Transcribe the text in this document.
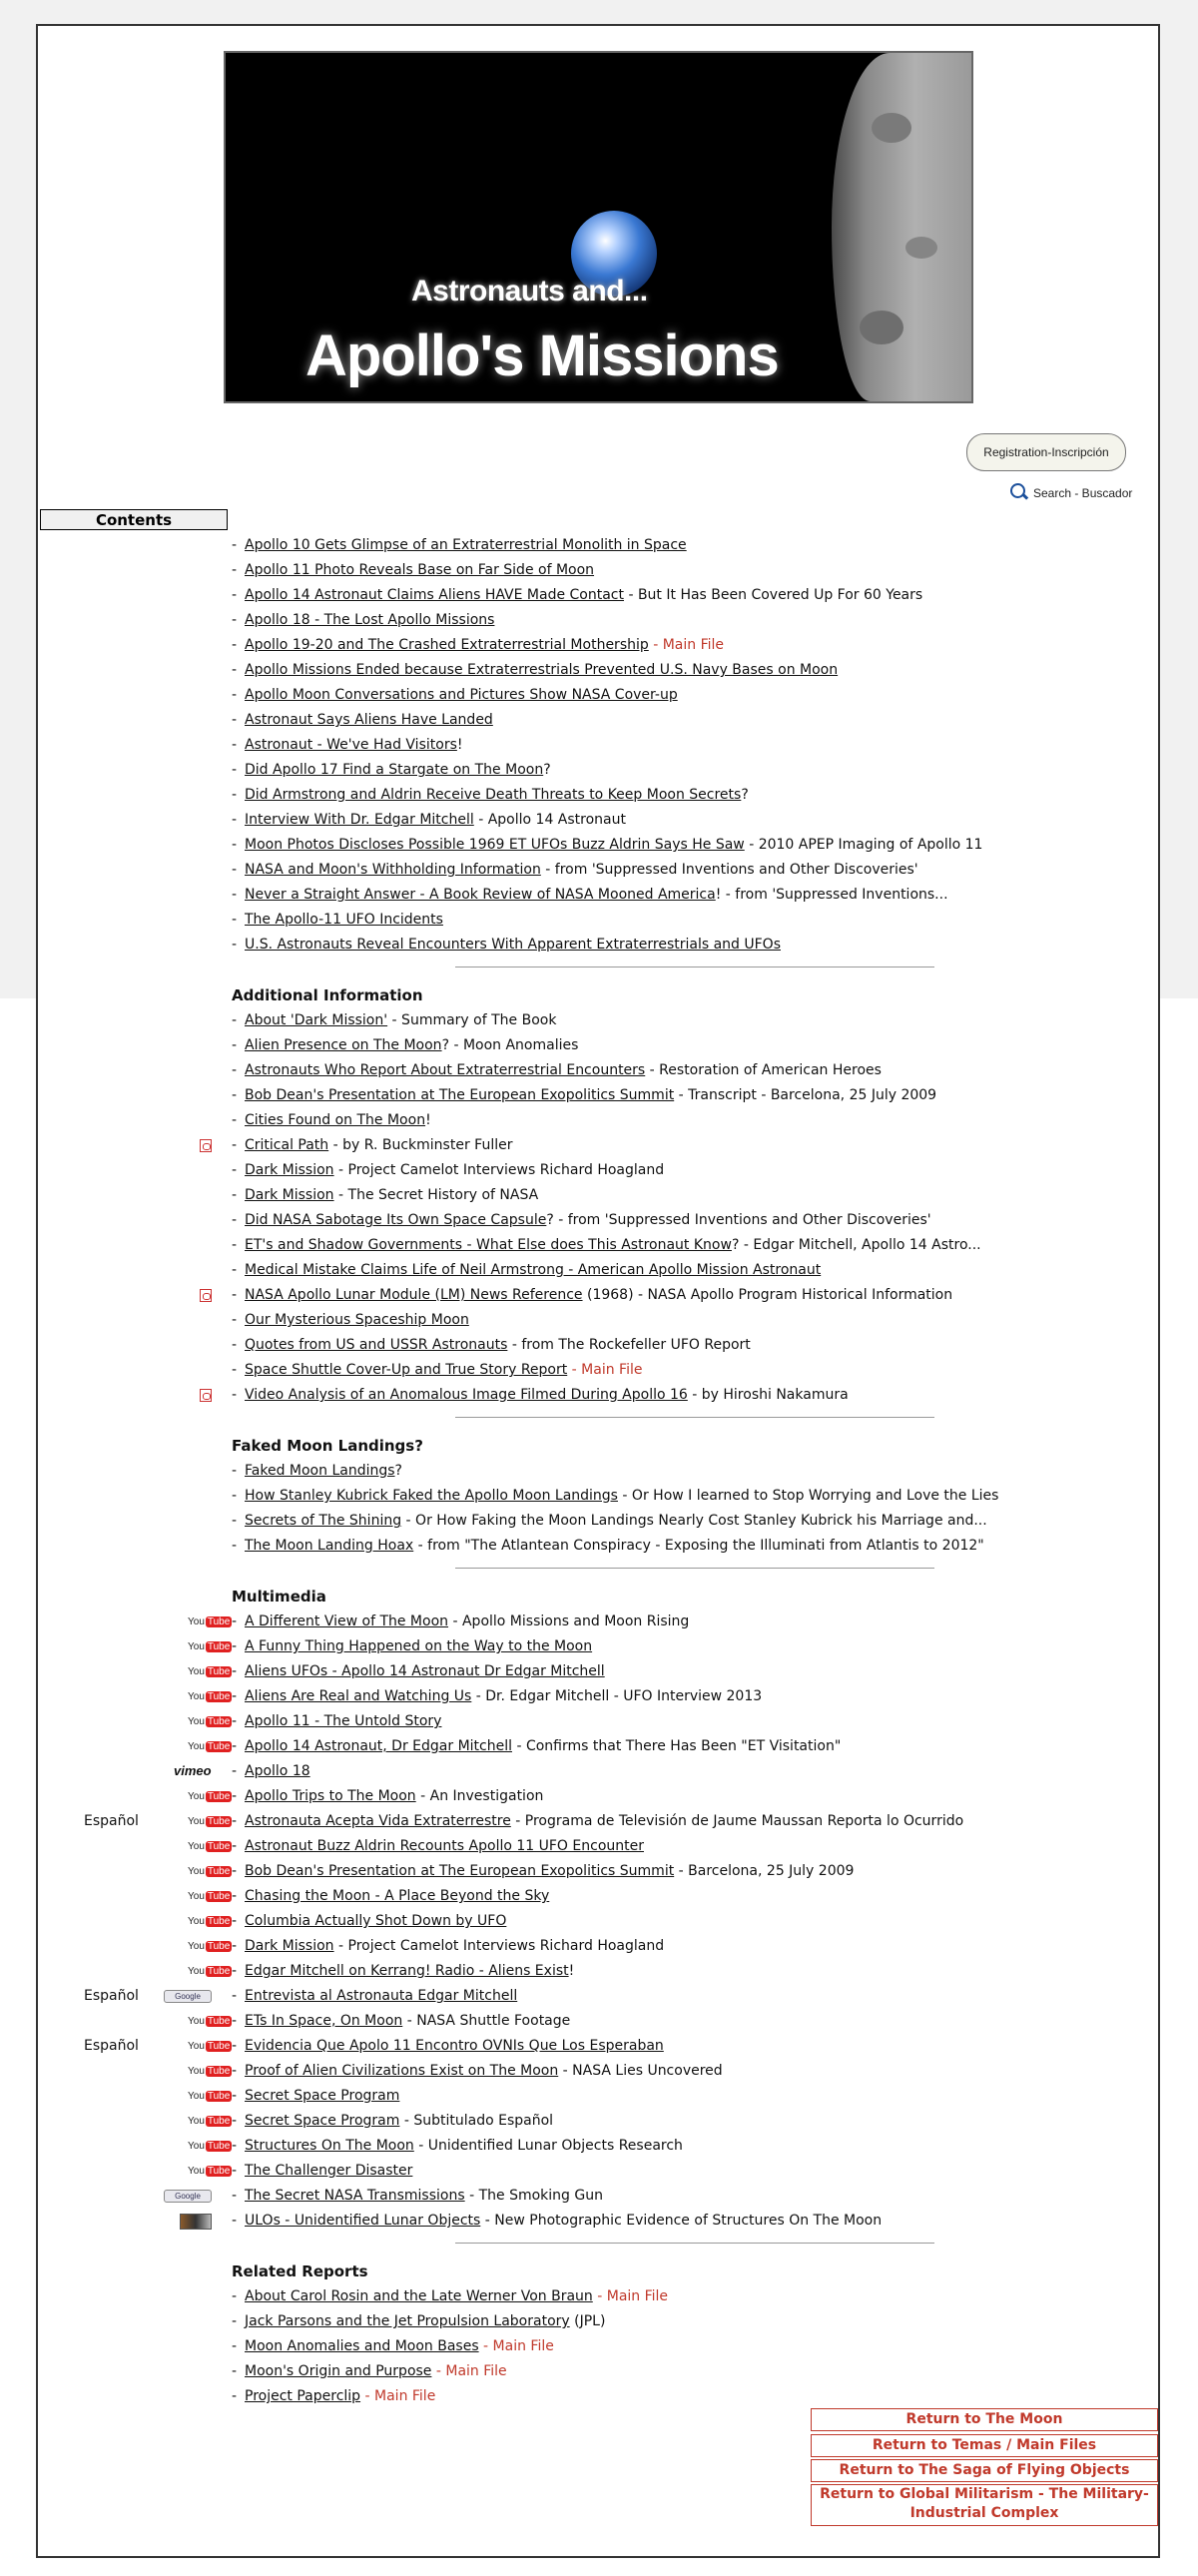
Astronauts and...
Apollo's Missions
Registration-Inscripción
Search - Buscador
Contents
- Apollo 10 Gets Glimpse of an Extraterrestrial Monolith in Space
- Apollo 11 Photo Reveals Base on Far Side of Moon
- Apollo 14 Astronaut Claims Aliens HAVE Made Contact - But It Has Been Covered Up For 60 Years
- Apollo 18 - The Lost Apollo Missions
- Apollo 19-20 and The Crashed Extraterrestrial Mothership - Main File
- Apollo Missions Ended because Extraterrestrials Prevented U.S. Navy Bases on Moon
- Apollo Moon Conversations and Pictures Show NASA Cover-up
- Astronaut Says Aliens Have Landed
- Astronaut - We've Had Visitors!
- Did Apollo 17 Find a Stargate on The Moon?
- Did Armstrong and Aldrin Receive Death Threats to Keep Moon Secrets?
- Interview With Dr. Edgar Mitchell - Apollo 14 Astronaut
- Moon Photos Discloses Possible 1969 ET UFOs Buzz Aldrin Says He Saw - 2010 APEP Imaging of Apollo 11
- NASA and Moon's Withholding Information - from 'Suppressed Inventions and Other Discoveries'
- Never a Straight Answer - A Book Review of NASA Mooned America! - from 'Suppressed Inventions...
- The Apollo-11 UFO Incidents
- U.S. Astronauts Reveal Encounters With Apparent Extraterrestrials and UFOs
Additional Information
- About 'Dark Mission' - Summary of The Book
- Alien Presence on The Moon? - Moon Anomalies
- Astronauts Who Report About Extraterrestrial Encounters - Restoration of American Heroes
- Bob Dean's Presentation at The European Exopolitics Summit - Transcript - Barcelona, 25 July 2009
- Cities Found on The Moon!
- Critical Path - by R. Buckminster Fuller
- Dark Mission - Project Camelot Interviews Richard Hoagland
- Dark Mission - The Secret History of NASA
- Did NASA Sabotage Its Own Space Capsule? - from 'Suppressed Inventions and Other Discoveries'
- ET's and Shadow Governments - What Else does This Astronaut Know? - Edgar Mitchell, Apollo 14 Astro...
- Medical Mistake Claims Life of Neil Armstrong - American Apollo Mission Astronaut
- NASA Apollo Lunar Module (LM) News Reference (1968) - NASA Apollo Program Historical Information
- Our Mysterious Spaceship Moon
- Quotes from US and USSR Astronauts - from The Rockefeller UFO Report
- Space Shuttle Cover-Up and True Story Report - Main File
- Video Analysis of an Anomalous Image Filmed During Apollo 16 - by Hiroshi Nakamura
Faked Moon Landings?
- Faked Moon Landings?
- How Stanley Kubrick Faked the Apollo Moon Landings - Or How I learned to Stop Worrying and Love the Lies
- Secrets of The Shining - Or How Faking the Moon Landings Nearly Cost Stanley Kubrick his Marriage and...
- The Moon Landing Hoax - from "The Atlantean Conspiracy - Exposing the Illuminati from Atlantis to 2012"
Multimedia
- A Different View of The Moon - Apollo Missions and Moon Rising
You Tube
- A Funny Thing Happened on the Way to the Moon
You Tube
- Aliens UFOs - Apollo 14 Astronaut Dr Edgar Mitchell
You Tube
- Aliens Are Real and Watching Us - Dr. Edgar Mitchell - UFO Interview 2013
You Tube
- Apollo 11 - The Untold Story
You Tube
- Apollo 14 Astronaut, Dr Edgar Mitchell - Confirms that There Has Been "ET Visitation"
You Tube
- Apollo 18
vimeo
- Apollo Trips to The Moon - An Investigation
You Tube
- Astronauta Acepta Vida Extraterrestre - Programa de Televisión de Jaume Maussan Reporta lo Ocurrido
You Tube
Español
- Astronaut Buzz Aldrin Recounts Apollo 11 UFO Encounter
You Tube
- Bob Dean's Presentation at The European Exopolitics Summit - Barcelona, 25 July 2009
You Tube
- Chasing the Moon - A Place Beyond the Sky
You Tube
- Columbia Actually Shot Down by UFO
You Tube
- Dark Mission - Project Camelot Interviews Richard Hoagland
You Tube
- Edgar Mitchell on Kerrang! Radio - Aliens Exist!
You Tube
- Entrevista al Astronauta Edgar Mitchell
Google
Español
- ETs In Space, On Moon - NASA Shuttle Footage
You Tube
- Evidencia Que Apolo 11 Encontro OVNIs Que Los Esperaban
You Tube
Español
- Proof of Alien Civilizations Exist on The Moon - NASA Lies Uncovered
You Tube
- Secret Space Program
You Tube
- Secret Space Program - Subtitulado Español
You Tube
- Structures On The Moon - Unidentified Lunar Objects Research
You Tube
- The Challenger Disaster
You Tube
- The Secret NASA Transmissions - The Smoking Gun
Google
- ULOs - Unidentified Lunar Objects - New Photographic Evidence of Structures On The Moon
Related Reports
- About Carol Rosin and the Late Werner Von Braun - Main File
- Jack Parsons and the Jet Propulsion Laboratory (JPL)
- Moon Anomalies and Moon Bases - Main File
- Moon's Origin and Purpose - Main File
- Project Paperclip - Main File
Return to The Moon
Return to Temas / Main Files
Return to The Saga of Flying Objects
Return to Global Militarism - The Military-Industrial Complex
